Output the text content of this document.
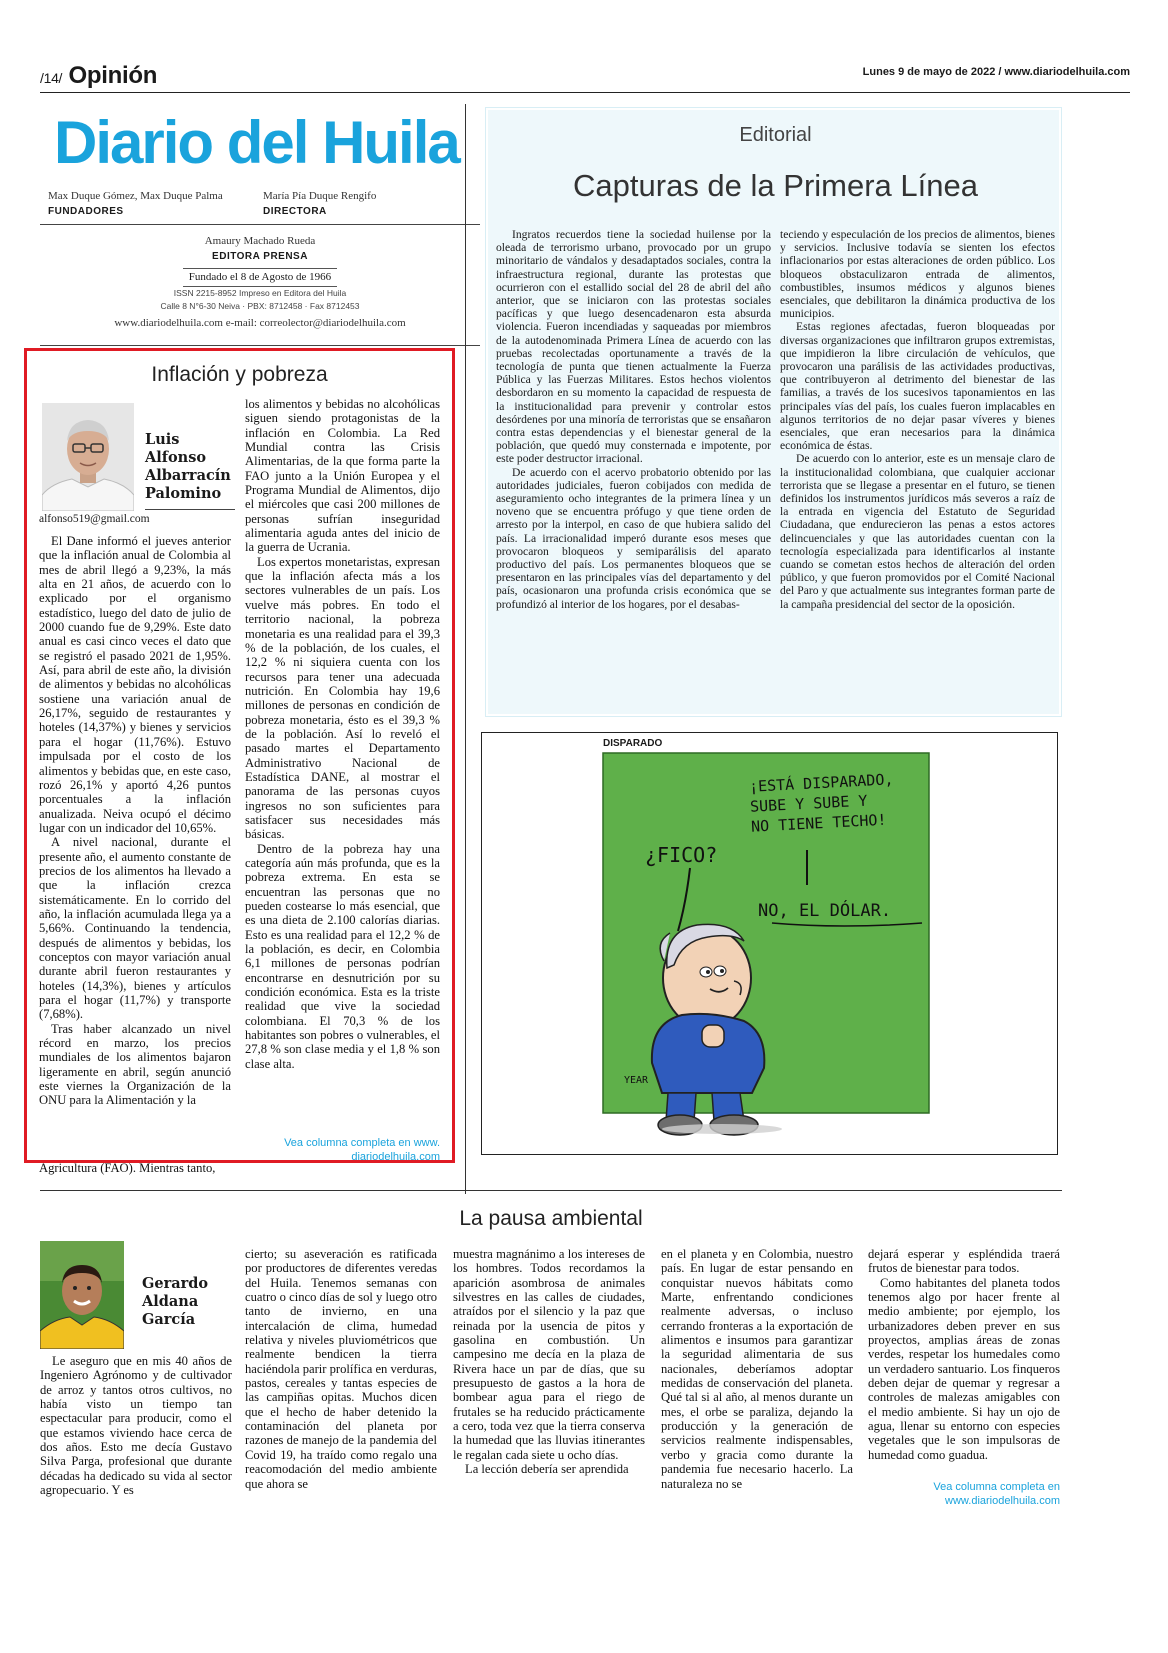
/14/ Opinión	Lunes 9 de mayo de 2022 / www.diariodelhuila.com
Diario del Huila
Max Duque Gómez, Max Duque Palma
FUNDADORES
María Pía Duque Rengifo
DIRECTORA
Amaury Machado Rueda
EDITORA PRENSA
Fundado el 8 de Agosto de 1966
ISSN 2215-8952 Impreso en Editora del Huila
Calle 8 N°6-30 Neiva · PBX: 8712458 · Fax 8712453
www.diariodelhuila.com e-mail: correolector@diariodelhuila.com
Editorial
Capturas de la Primera Línea

Ingratos recuerdos tiene la sociedad huilense por la oleada de terrorismo urbano, provocado por un grupo minoritario de vándalos y desadaptados sociales, contra la infraestructura regional, durante las protestas que ocurrieron con el estallido social del 28 de abril del año anterior, que se iniciaron con las protestas sociales pacíficas y que luego desencadenaron esta absurda violencia. Fueron incendiadas y saqueadas por miembros de la autodenominada Primera Línea de acuerdo con las pruebas recolectadas oportunamente a través de la tecnología de punta que tienen actualmente la Fuerza Pública y las Fuerzas Militares. Estos hechos violentos desbordaron en su momento la capacidad de respuesta de la institucionalidad para prevenir y controlar estos desórdenes por una minoría de terroristas que se ensañaron contra estas dependencias y el bienestar general de la población, que quedó muy consternada e impotente, por este poder destructor irracional.

De acuerdo con el acervo probatorio obtenido por las autoridades judiciales, fueron cobijados con medida de aseguramiento ocho integrantes de la primera línea y un noveno que se encuentra prófugo y que tiene orden de arresto por la interpol, en caso de que hubiera salido del país. La irracionalidad imperó durante esos meses que provocaron bloqueos y semiparálisis del aparato productivo del país. Los permanentes bloqueos que se presentaron en las principales vías del departamento y del país, ocasionaron una profunda crisis económica que se profundizó al interior de los hogares, por el desabas-

teciendo y especulación de los precios de alimentos, bienes y servicios. Inclusive todavía se sienten los efectos inflacionarios por estas alteraciones de orden público. Los bloqueos obstaculizaron entrada de alimentos, combustibles, insumos médicos y algunos bienes esenciales, que debilitaron la dinámica productiva de los municipios.

Estas regiones afectadas, fueron bloqueadas por diversas organizaciones que infiltraron grupos extremistas, que impidieron la libre circulación de vehículos, que provocaron una parálisis de las actividades productivas, que contribuyeron al detrimento del bienestar de las familias, a través de los sucesivos taponamientos en las principales vías del país, los cuales fueron implacables en algunos territorios de no dejar pasar víveres y bienes esenciales, que eran necesarios para la dinámica económica de éstas.

De acuerdo con lo anterior, este es un mensaje claro de la institucionalidad colombiana, que cualquier accionar terrorista que se llegase a presentar en el futuro, se tienen definidos los instrumentos jurídicos más severos a raíz de la entrada en vigencia del Estatuto de Seguridad Ciudadana, que endurecieron las penas a estos actores delincuenciales y que las autoridades cuentan con la tecnología especializada para identificarlos al instante cuando se cometan estos hechos de alteración del orden público, y que fueron promovidos por el Comité Nacional del Paro y que actualmente sus integrantes forman parte de la campaña presidencial del sector de la oposición.

Inflación y pobreza
Luis
Alfonso
Albarracín
Palomino
alfonso519@gmail.com

El Dane informó el jueves anterior que la inflación anual de Colombia al mes de abril llegó a 9,23%, la más alta en 21 años, de acuerdo con lo explicado por el organismo estadístico, luego del dato de julio de 2000 cuando fue de 9,29%. Este dato anual es casi cinco veces el dato que se registró el pasado 2021 de 1,95%. Así, para abril de este año, la división de alimentos y bebidas no alcohólicas sostiene una variación anual de 26,17%, seguido de restaurantes y hoteles (14,37%) y bienes y servicios para el hogar (11,76%). Estuvo impulsada por el costo de los alimentos y bebidas que, en este caso, rozó 26,1% y aportó 4,26 puntos porcentuales a la inflación anualizada. Neiva ocupó el décimo lugar con un indicador del 10,65%.

A nivel nacional, durante el presente año, el aumento constante de precios de los alimentos ha llevado a que la inflación crezca sistemáticamente. En lo corrido del año, la inflación acumulada llega ya a 5,66%. Continuando la tendencia, después de alimentos y bebidas, los conceptos con mayor variación anual durante abril fueron restaurantes y hoteles (14,3%), bienes y artículos para el hogar (11,7%) y transporte (7,68%).

Tras haber alcanzado un nivel récord en marzo, los precios mundiales de los alimentos bajaron ligeramente en abril, según anunció este viernes la Organización de la ONU para la Alimentación y la

los alimentos y bebidas no alcohólicas siguen siendo protagonistas de la inflación en Colombia. La Red Mundial contra las Crisis Alimentarias, de la que forma parte la FAO junto a la Unión Europea y el Programa Mundial de Alimentos, dijo el miércoles que casi 200 millones de personas sufrían inseguridad alimentaria aguda antes del inicio de la guerra de Ucrania.

Los expertos monetaristas, expresan que la inflación afecta más a los sectores vulnerables de un país. Los vuelve más pobres. En todo el territorio nacional, la pobreza monetaria es una realidad para el 39,3 % de la población, de los cuales, el 12,2 % ni siquiera cuenta con los recursos para tener una adecuada nutrición. En Colombia hay 19,6 millones de personas en condición de pobreza monetaria, ésto es el 39,3 % de la población. Así lo reveló el pasado martes el Departamento Administrativo Nacional de Estadística DANE, al mostrar el panorama de las personas cuyos ingresos no son suficientes para satisfacer sus necesidades más básicas.

Dentro de la pobreza hay una categoría aún más profunda, que es la pobreza extrema. En esta se encuentran las personas que no pueden costearse lo más esencial, que es una dieta de 2.100 calorías diarias. Esto es una realidad para el 12,2 % de la población, es decir, en Colombia 6,1 millones de personas podrían encontrarse en desnutrición por su condición económica. Esta es la triste realidad que vive la sociedad colombiana. El 70,3 % de los habitantes son pobres o vulnerables, el 27,8 % son clase media y el 1,8 % son clase alta.

Vea columna completa en www. diariodelhuila.com
Agricultura (FAO). Mientras tanto,
DISPARADO
¡ESTÁ DISPARADO,
SUBE Y SUBE Y
NO TIENE TECHO!
¿FICO?
NO, EL DÓLAR.
YEAR
La pausa ambiental
Gerardo
Aldana
García

Le aseguro que en mis 40 años de Ingeniero Agrónomo y de cultivador de arroz y tantos otros cultivos, no había visto un tiempo tan espectacular para producir, como el que estamos viviendo hace cerca de dos años. Esto me decía Gustavo Silva Parga, profesional que durante décadas ha dedicado su vida al sector agropecuario. Y es

cierto; su aseveración es ratificada por productores de diferentes veredas del Huila. Tenemos semanas con cuatro o cinco días de sol y luego otro tanto de invierno, en una intercalación de clima, humedad relativa y niveles pluviométricos que realmente bendicen la tierra haciéndola parir prolífica en verduras, pastos, cereales y tantas especies de las campiñas opitas. Muchos dicen que el hecho de haber detenido la contaminación del planeta por razones de manejo de la pandemia del Covid 19, ha traído como regalo una reacomodación del medio ambiente que ahora se

muestra magnánimo a los intereses de los hombres. Todos recordamos la aparición asombrosa de animales silvestres en las calles de ciudades, atraídos por el silencio y la paz que reinada por la usencia de pitos y gasolina en combustión. Un campesino me decía en la plaza de Rivera hace un par de días, que su presupuesto de gastos a la hora de bombear agua para el riego de frutales se ha reducido prácticamente a cero, toda vez que la tierra conserva la humedad que las lluvias itinerantes le regalan cada siete u ocho días.

La lección debería ser aprendida

en el planeta y en Colombia, nuestro país. En lugar de estar pensando en conquistar nuevos hábitats como Marte, enfrentando condiciones realmente adversas, o incluso cerrando fronteras a la exportación de alimentos e insumos para garantizar la seguridad alimentaria de sus nacionales, deberíamos adoptar medidas de conservación del planeta. Qué tal si al año, al menos durante un mes, el orbe se paraliza, dejando la producción y la generación de servicios realmente indispensables, verbo y gracia como durante la pandemia fue necesario hacerlo. La naturaleza no se

dejará esperar y espléndida traerá frutos de bienestar para todos.

Como habitantes del planeta todos tenemos algo por hacer frente al medio ambiente; por ejemplo, los urbanizadores deben prever en sus proyectos, amplias áreas de zonas verdes, respetar los humedales como un verdadero santuario. Los finqueros deben dejar de quemar y regresar a controles de malezas amigables con el medio ambiente. Si hay un ojo de agua, llenar su entorno con especies vegetales que le son impulsoras de humedad como guadua.

Vea columna completa en www.diariodelhuila.com
